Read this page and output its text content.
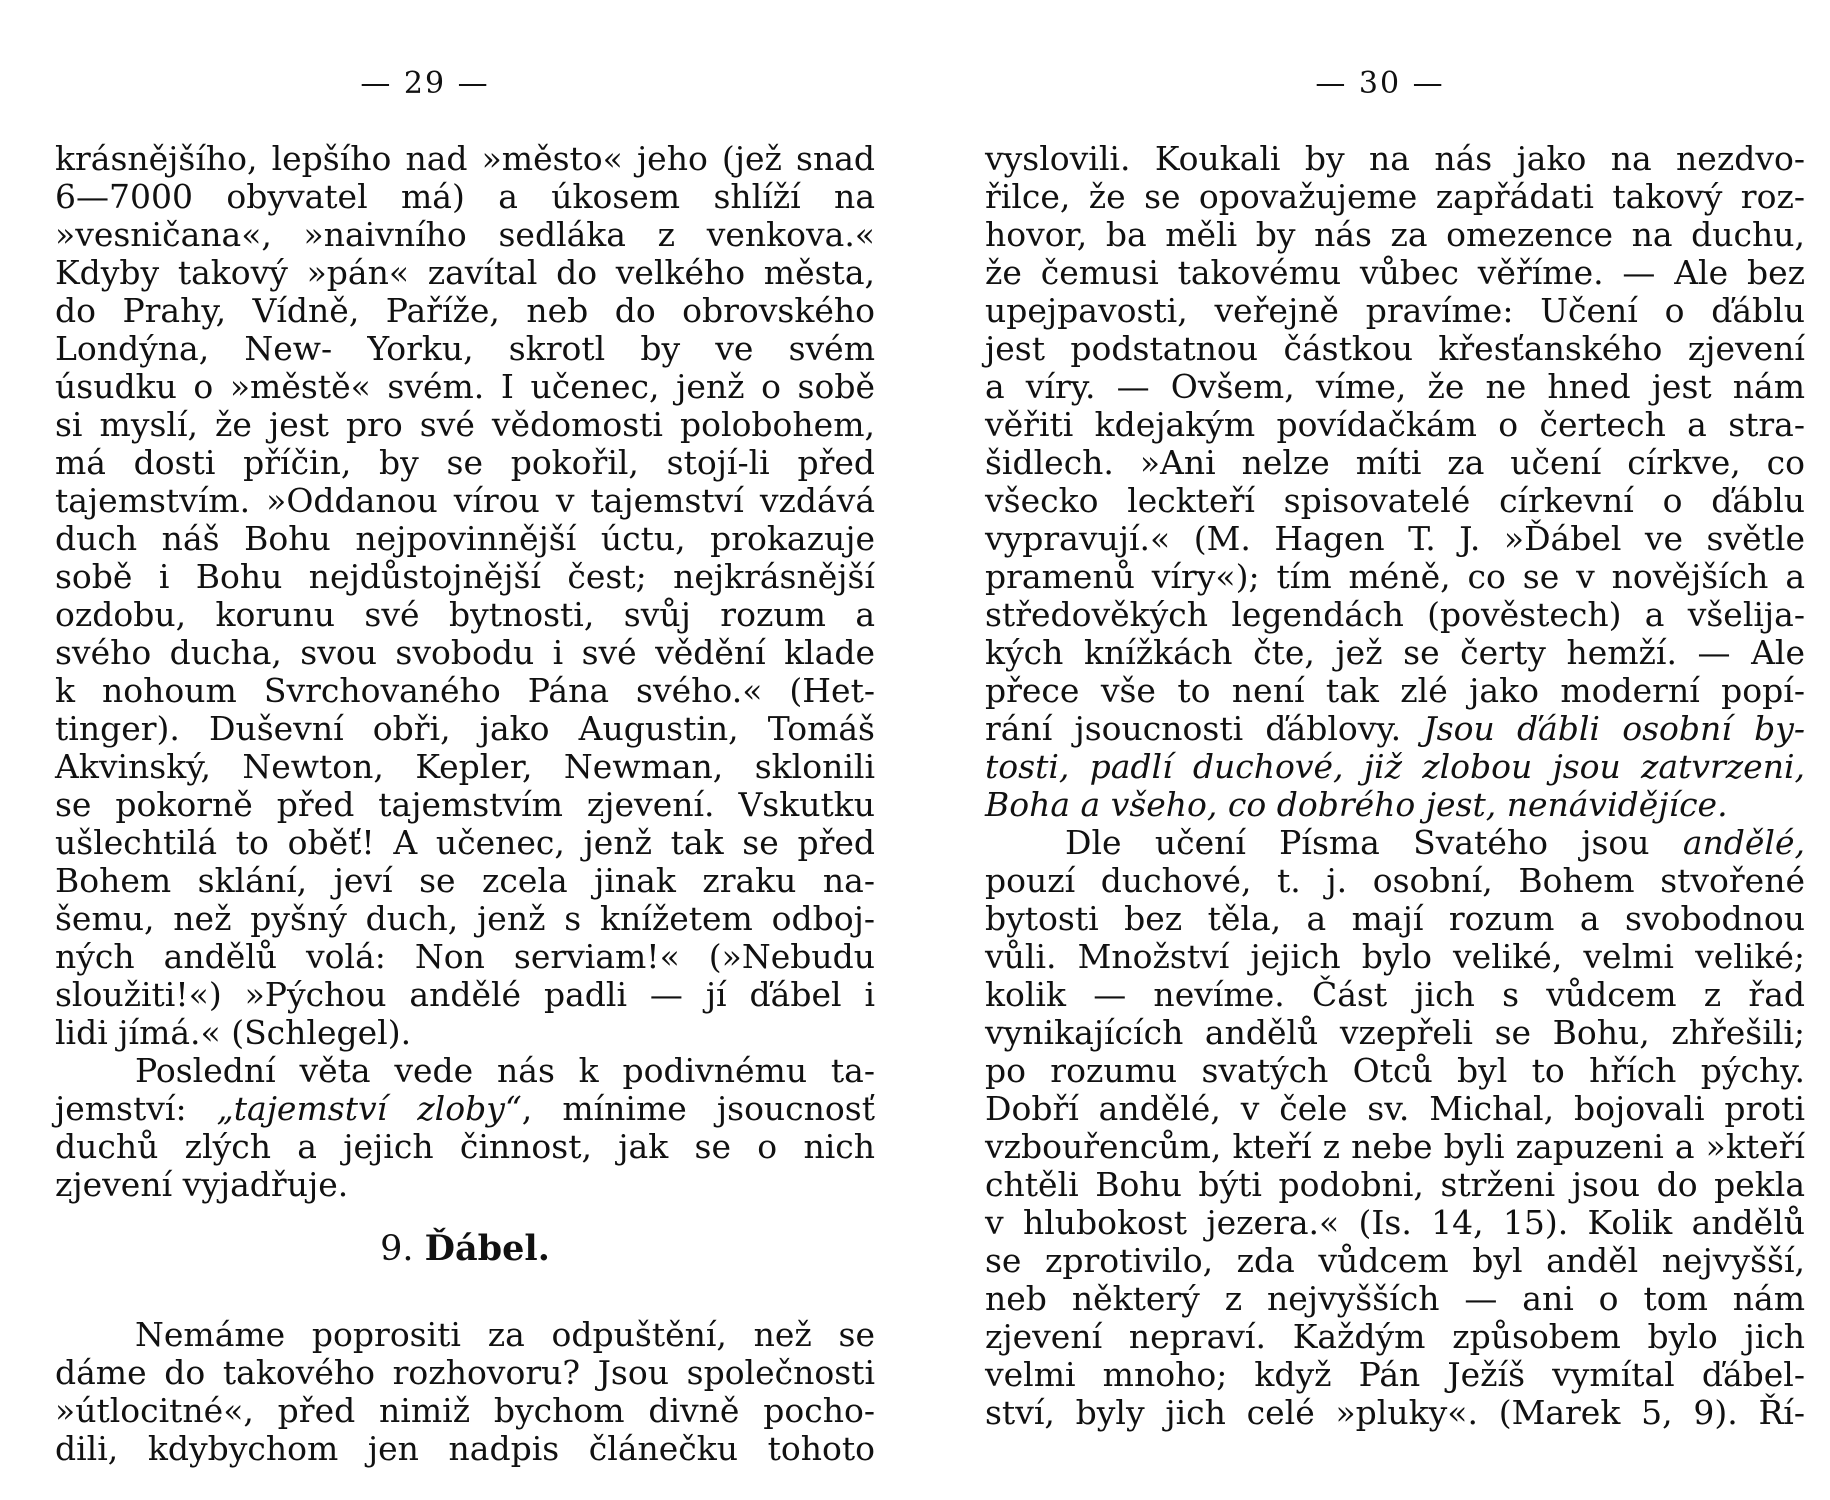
— 29 —
krásnějšího, lepšího nad »město« jeho (jež snad
6—7000 obyvatel má) a úkosem shlíží na
»vesničana«, »naivního sedláka z venkova.«
Kdyby takový »pán« zavítal do velkého města,
do Prahy, Vídně, Paříže, neb do obrovského
Londýna, New- Yorku, skrotl by ve svém
úsudku o »městě« svém. I učenec, jenž o sobě
si myslí, že jest pro své vědomosti polobohem,
má dosti příčin, by se pokořil, stojí-li před
tajemstvím. »Oddanou vírou v tajemství vzdává
duch náš Bohu nejpovinnější úctu, prokazuje
sobě i Bohu nejdůstojnější čest; nejkrásnější
ozdobu, korunu své bytnosti, svůj rozum a
svého ducha, svou svobodu i své vědění klade
k nohoum Svrchovaného Pána svého.« (Het-
tinger). Duševní obři, jako Augustin, Tomáš
Akvinský, Newton, Kepler, Newman, sklonili
se pokorně před tajemstvím zjevení. Vskutku
ušlechtilá to oběť! A učenec, jenž tak se před
Bohem sklání, jeví se zcela jinak zraku na-
šemu, než pyšný duch, jenž s knížetem odboj-
ných andělů volá: Non serviam!« (»Nebudu
sloužiti!«) »Pýchou andělé padli — jí ďábel i
lidi jímá.« (Schlegel).
Poslední věta vede nás k podivnému ta-
jemství: „tajemství zloby“, mínime jsoucnosť
duchů zlých a jejich činnost, jak se o nich
zjevení vyjadřuje.
9. Ďábel.
Nemáme poprositi za odpuštění, než se
dáme do takového rozhovoru? Jsou společnosti
»útlocitné«, před nimiž bychom divně pocho-
dili, kdybychom jen nadpis článečku tohoto
— 30 —
vyslovili. Koukali by na nás jako na nezdvo-
řilce, že se opovažujeme zapřádati takový roz-
hovor, ba měli by nás za omezence na duchu,
že čemusi takovému vůbec věříme. — Ale bez
upejpavosti, veřejně pravíme: Učení o ďáblu
jest podstatnou částkou křesťanského zjevení
a víry. — Ovšem, víme, že ne hned jest nám
věřiti kdejakým povídačkám o čertech a stra-
šidlech. »Ani nelze míti za učení církve, co
všecko leckteří spisovatelé církevní o ďáblu
vypravují.« (M. Hagen T. J. »Ďábel ve světle
pramenů víry«); tím méně, co se v novějších a
středověkých legendách (pověstech) a všelija-
kých knížkách čte, jež se čerty hemží. — Ale
přece vše to není tak zlé jako moderní popí-
rání jsoucnosti ďáblovy. Jsou ďábli osobní by-
tosti, padlí duchové, již zlobou jsou zatvrzeni,
Boha a všeho, co dobrého jest, nenávidějíce.
Dle učení Písma Svatého jsou andělé,
pouzí duchové, t. j. osobní, Bohem stvořené
bytosti bez těla, a mají rozum a svobodnou
vůli. Množství jejich bylo veliké, velmi veliké;
kolik — nevíme. Část jich s vůdcem z řad
vynikajících andělů vzepřeli se Bohu, zhřešili;
po rozumu svatých Otců byl to hřích pýchy.
Dobří andělé, v čele sv. Michal, bojovali proti
vzbouřencům, kteří z nebe byli zapuzeni a »kteří
chtěli Bohu býti podobni, strženi jsou do pekla
v hlubokost jezera.« (Is. 14, 15). Kolik andělů
se zprotivilo, zda vůdcem byl anděl nejvyšší,
neb některý z nejvyšších — ani o tom nám
zjevení nepraví. Každým způsobem bylo jich
velmi mnoho; když Pán Ježíš vymítal ďábel-
ství, byly jich celé »pluky«. (Marek 5, 9). Ří-
